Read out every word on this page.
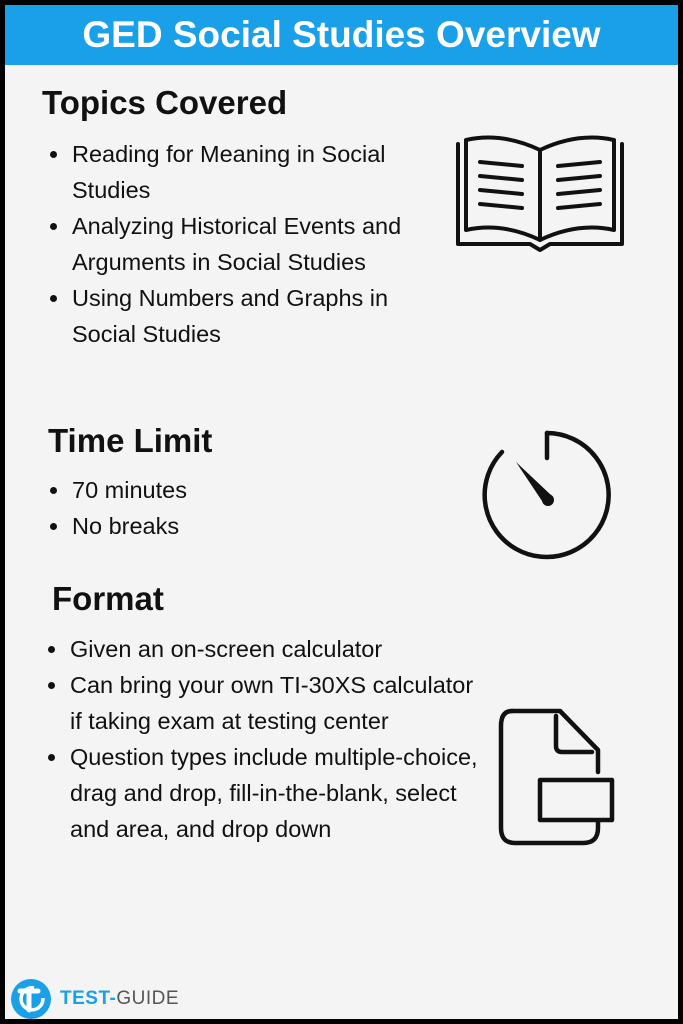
GED Social Studies Overview
Topics Covered
Reading for Meaning in Social Studies
Analyzing Historical Events and Arguments in Social Studies
Using Numbers and Graphs in Social Studies
Time Limit
70 minutes
No breaks
Format
Given an on-screen calculator
Can bring your own TI-30XS calculator if taking exam at testing center
Question types include multiple-choice, drag and drop, fill-in-the-blank, select and area, and drop down
TEST-GUIDE
